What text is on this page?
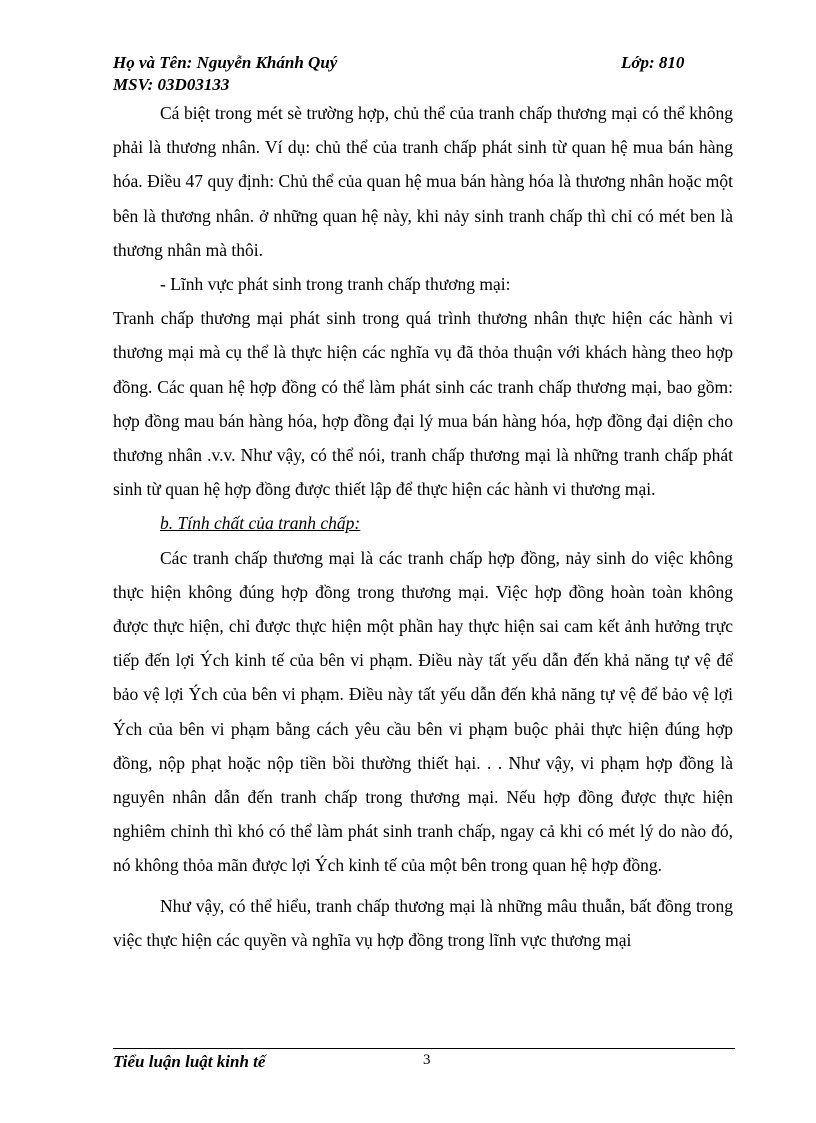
Họ và Tên: Nguyễn Khánh Quý	Lớp: 810
MSV: 03D03133

Cá biệt trong mét sè trường hợp, chủ thể của tranh chấp thương mại có thể không phải là thương nhân. Ví dụ: chủ thể của tranh chấp phát sinh từ quan hệ mua bán hàng hóa. Điều 47 quy định: Chủ thể của quan hệ mua bán hàng hóa là thương nhân hoặc một bên là thương nhân. ở những quan hệ này, khi nảy sinh tranh chấp thì chỉ có mét ben là thương nhân mà thôi.

- Lĩnh vực phát sinh trong tranh chấp thương mại:

Tranh chấp thương mại phát sinh trong quá trình thương nhân thực hiện các hành vi thương mại mà cụ thể là thực hiện các nghĩa vụ đã thỏa thuận với khách hàng theo hợp đồng. Các quan hệ hợp đồng có thể làm phát sinh các tranh chấp thương mại, bao gồm: hợp đồng mau bán hàng hóa, hợp đồng đại lý mua bán hàng hóa, hợp đồng đại diện cho thương nhân .v.v. Như vậy, có thể nói, tranh chấp thương mại là những tranh chấp phát sinh từ quan hệ hợp đồng được thiết lập để thực hiện các hành vi thương mại.

b. Tính chất của tranh chấp:

Các tranh chấp thương mại là các tranh chấp hợp đồng, nảy sinh do việc không thực hiện không đúng hợp đồng trong thương mại. Việc hợp đồng hoàn toàn không được thực hiện, chỉ được thực hiện một phần hay thực hiện sai cam kết ảnh hưởng trực tiếp đến lợi Ých kinh tế của bên vi phạm. Điều này tất yếu dẫn đến khả năng tự vệ để bảo vệ lợi Ých của bên vi phạm. Điều này tất yếu dẫn đến khả năng tự vệ để bảo vệ lợi Ých của bên vi phạm bằng cách yêu cầu bên vi phạm buộc phải thực hiện đúng hợp đồng, nộp phạt hoặc nộp tiền bồi thường thiết hại. . . Như vậy, vi phạm hợp đồng là nguyên nhân dẫn đến tranh chấp trong thương mại. Nếu hợp đồng được thực hiện nghiêm chỉnh thì khó có thể làm phát sinh tranh chấp, ngay cả khi có mét lý do nào đó, nó không thỏa mãn được lợi Ých kinh tế của một bên trong quan hệ hợp đồng.

Như vậy, có thể hiểu, tranh chấp thương mại là những mâu thuẫn, bất đồng trong việc thực hiện các quyền và nghĩa vụ hợp đồng trong lĩnh vực thương mại

Tiểu luận luật kinh tế	3
